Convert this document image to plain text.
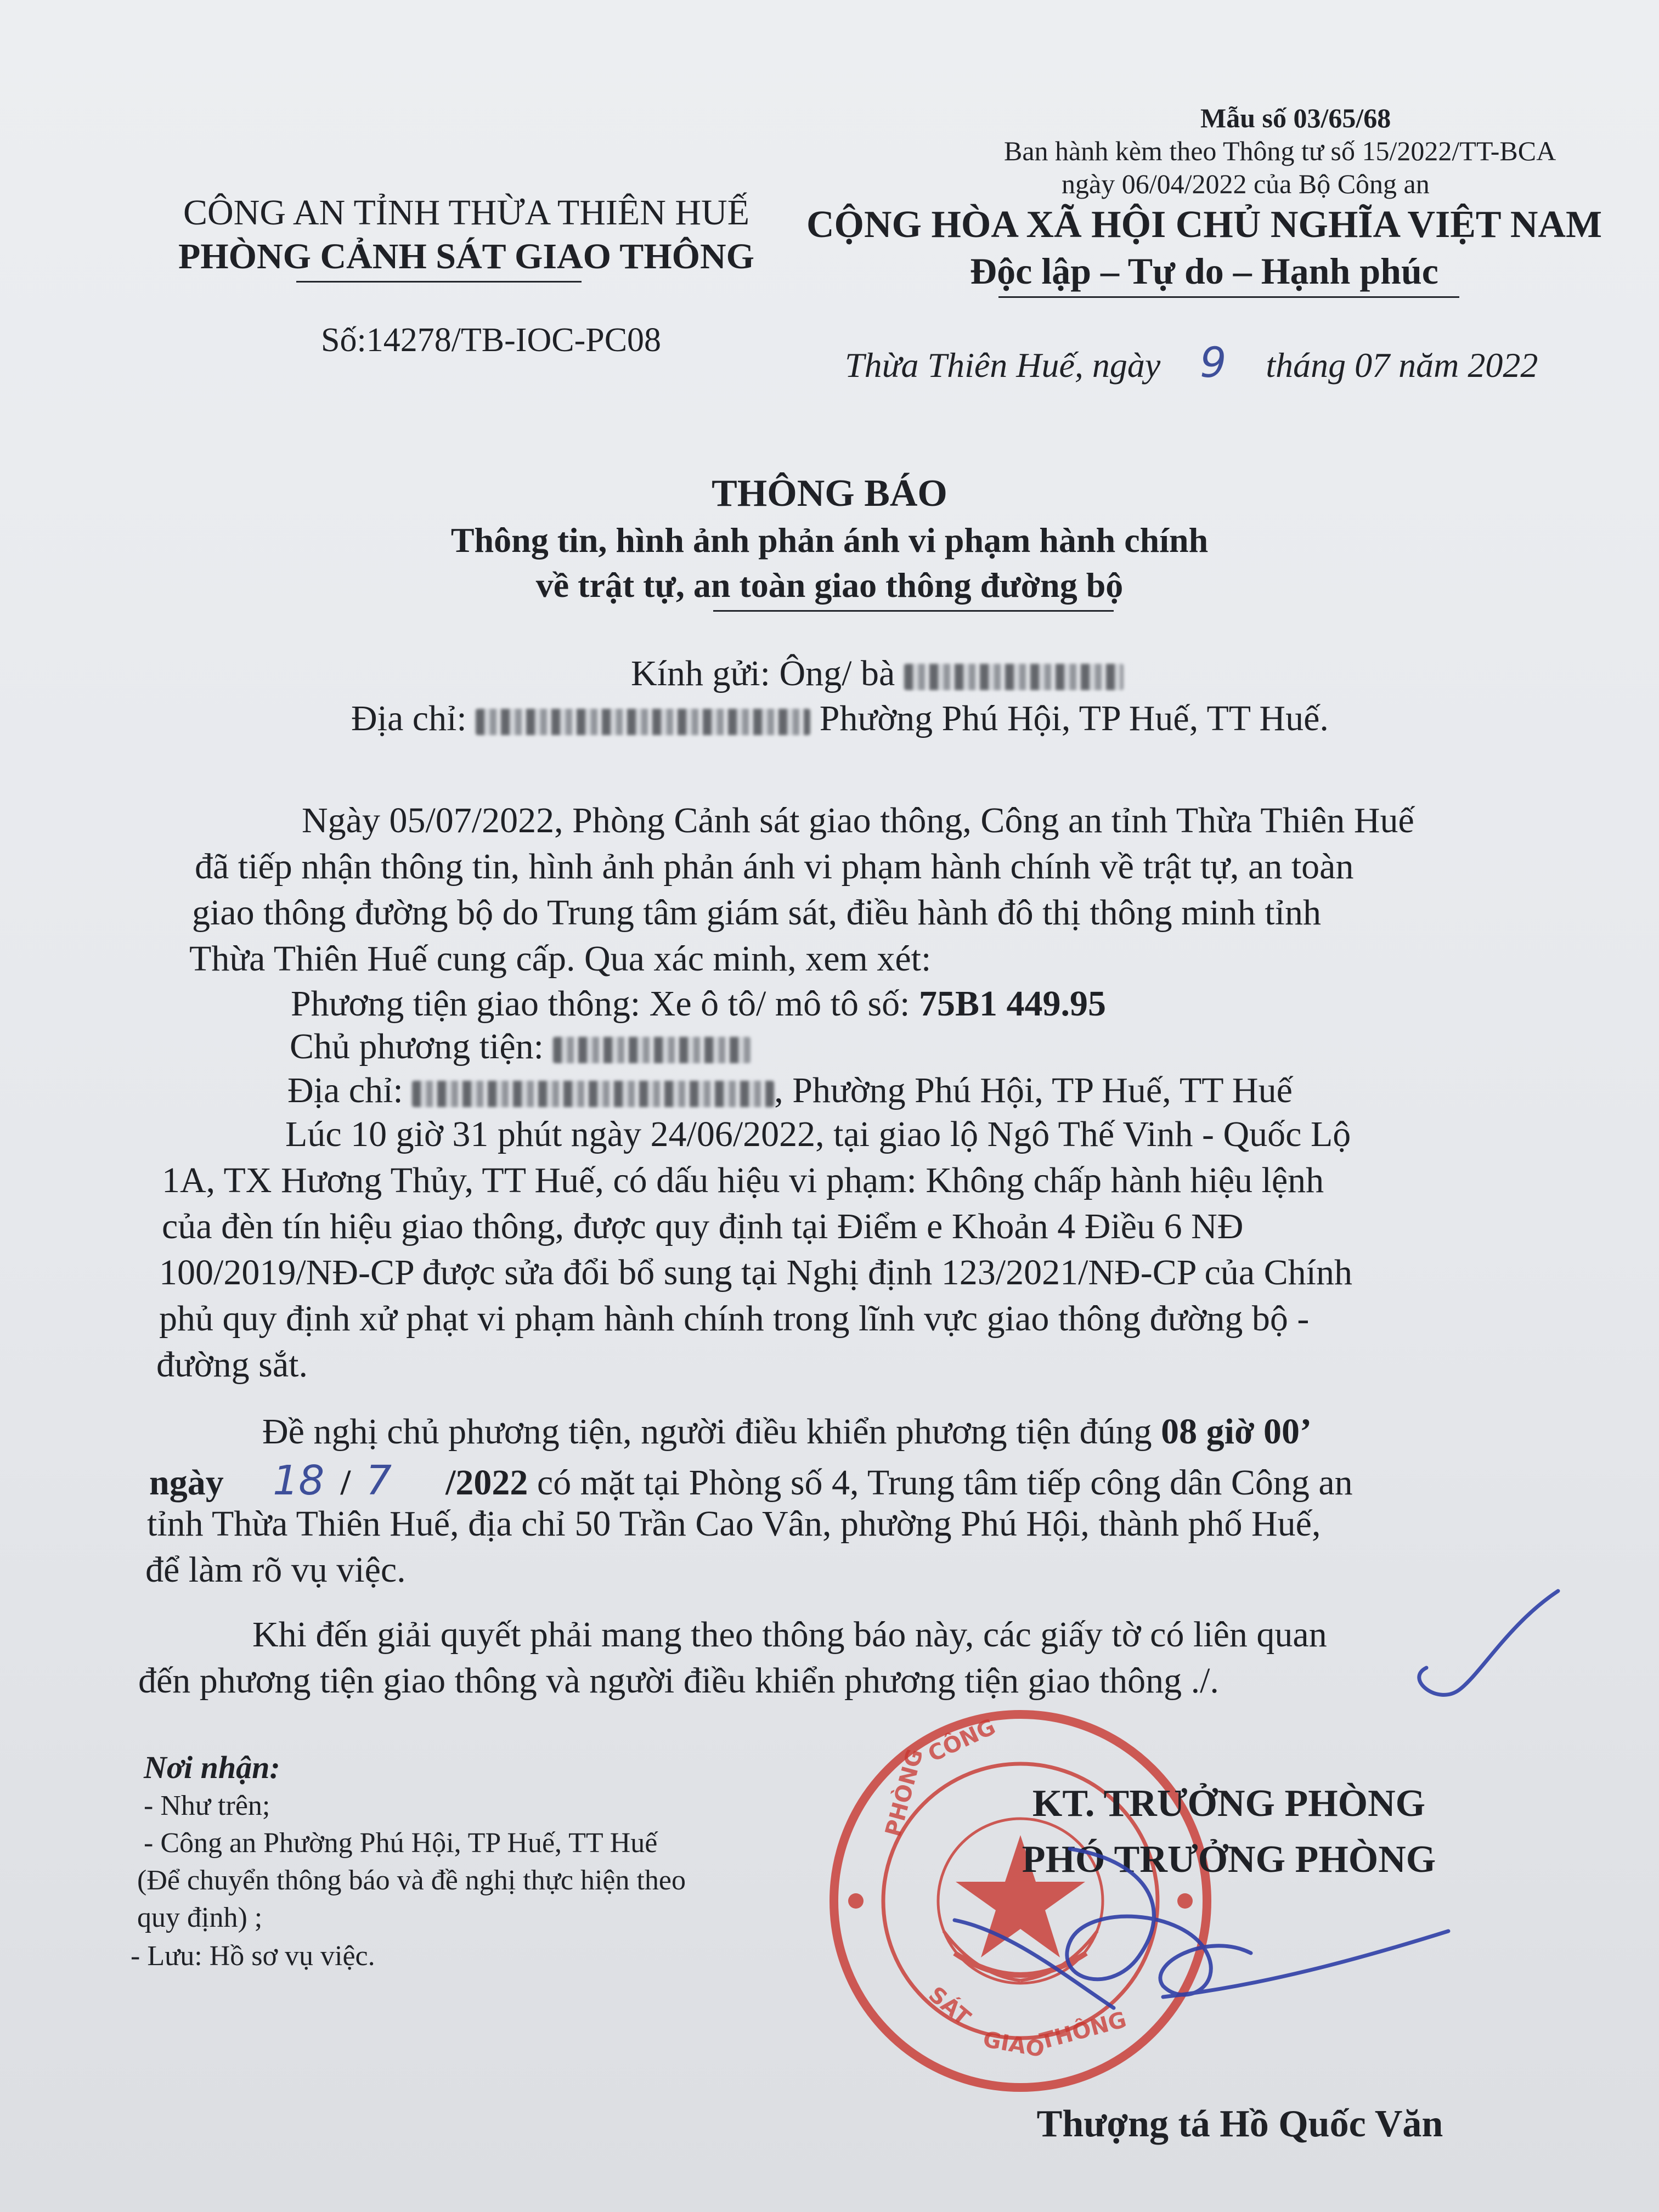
Mẫu số 03/65/68
Ban hành kèm theo Thông tư số 15/2022/TT-BCA
ngày 06/04/2022 của Bộ Công an
CÔNG AN TỈNH THỪA THIÊN HUẾ
PHÒNG CẢNH SÁT GIAO THÔNG
Số:14278/TB-IOC-PC08
CỘNG HÒA XÃ HỘI CHỦ NGHĨA VIỆT NAM
Độc lập – Tự do – Hạnh phúc
Thừa Thiên Huế, ngày 9 tháng 07 năm 2022
THÔNG BÁO
Thông tin, hình ảnh phản ánh vi phạm hành chính
về trật tự, an toàn giao thông đường bộ
Kính gửi: Ông/ bà
Địa chỉ:	Phường Phú Hội, TP Huế, TT Huế.
Ngày 05/07/2022, Phòng Cảnh sát giao thông, Công an tỉnh Thừa Thiên Huế
đã tiếp nhận thông tin, hình ảnh phản ánh vi phạm hành chính về trật tự, an toàn
giao thông đường bộ do Trung tâm giám sát, điều hành đô thị thông minh tỉnh
Thừa Thiên Huế cung cấp. Qua xác minh, xem xét:
Phương tiện giao thông: Xe ô tô/ mô tô số: 75B1 449.95
Chủ phương tiện:
Địa chỉ:	, Phường Phú Hội, TP Huế, TT Huế
Lúc 10 giờ 31 phút ngày 24/06/2022, tại giao lộ Ngô Thế Vinh - Quốc Lộ
1A, TX Hương Thủy, TT Huế, có dấu hiệu vi phạm: Không chấp hành hiệu lệnh
của đèn tín hiệu giao thông, được quy định tại Điểm e Khoản 4 Điều 6 NĐ
100/2019/NĐ-CP được sửa đổi bổ sung tại Nghị định 123/2021/NĐ-CP của Chính
phủ quy định xử phạt vi phạm hành chính trong lĩnh vực giao thông đường bộ -
đường sắt.
Đề nghị chủ phương tiện, người điều khiển phương tiện đúng 08 giờ 00’
ngày 18 / 7 /2022 có mặt tại Phòng số 4, Trung tâm tiếp công dân Công an
tỉnh Thừa Thiên Huế, địa chỉ 50 Trần Cao Vân, phường Phú Hội, thành phố Huế,
để làm rõ vụ việc.
Khi đến giải quyết phải mang theo thông báo này, các giấy tờ có liên quan
đến phương tiện giao thông và người điều khiển phương tiện giao thông ./.
Nơi nhận:
- Như trên;
- Công an Phường Phú Hội, TP Huế, TT Huế
(Để chuyển thông báo và đề nghị thực hiện theo
quy định) ;
- Lưu: Hồ sơ vụ việc.
CÔNG
PHÒNG
SÁT
GIAO
THÔNG
KT. TRƯỞNG PHÒNG
PHÓ TRƯỞNG PHÒNG
Thượng tá Hồ Quốc Văn
